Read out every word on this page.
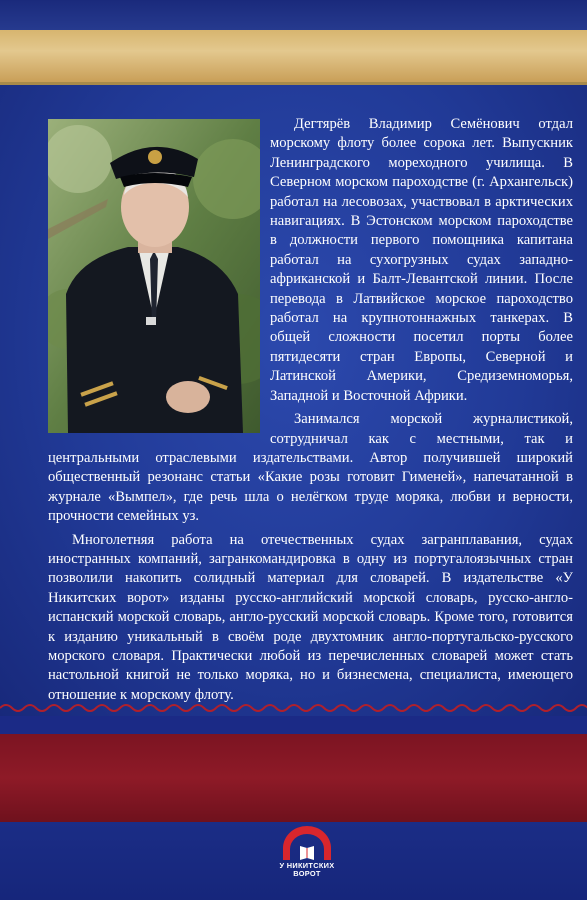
Дегтярёв Владимир Семёнович отдал морскому флоту более сорока лет. Выпускник Ленинградского мореходного училища. В Северном морском пароходстве (г. Архангельск) работал на лесовозах, участвовал в арктических навигациях. В Эстонском морском пароходстве в должности первого помощника капитана работал на сухогрузных судах западно-африканской и Балт-Левантской линии. После перевода в Латвийское морское пароходство работал на крупнотоннажных танкерах. В общей сложности посетил порты более пятидесяти стран Европы, Северной и Латинской Америки, Средиземноморья, Западной и Восточной Африки.

Занимался морской журналистикой, сотрудничал как с местными, так и центральными отраслевыми издательствами. Автор получившей широкий общественный резонанс статьи «Какие розы готовит Гименей», напечатанной в журнале «Вымпел», где речь шла о нелёгком труде моряка, любви и верности, прочности семейных уз.

Многолетняя работа на отечественных судах загранплавания, судах иностранных компаний, загранкомандировка в одну из португалоязычных стран позволили накопить солидный материал для словарей. В издательстве «У Никитских ворот» изданы русско-английский морской словарь, русско-англо-испанский морской словарь, англо-русский морской словарь. Кроме того, готовится к изданию уникальный в своём роде двухтомник англо-португальско-русского морского словаря. Практически любой из перечисленных словарей может стать настольной книгой не только моряка, но и бизнесмена, специалиста, имеющего отношение к морскому флоту.

У НИКИТСКИХ
ВОРОТ
